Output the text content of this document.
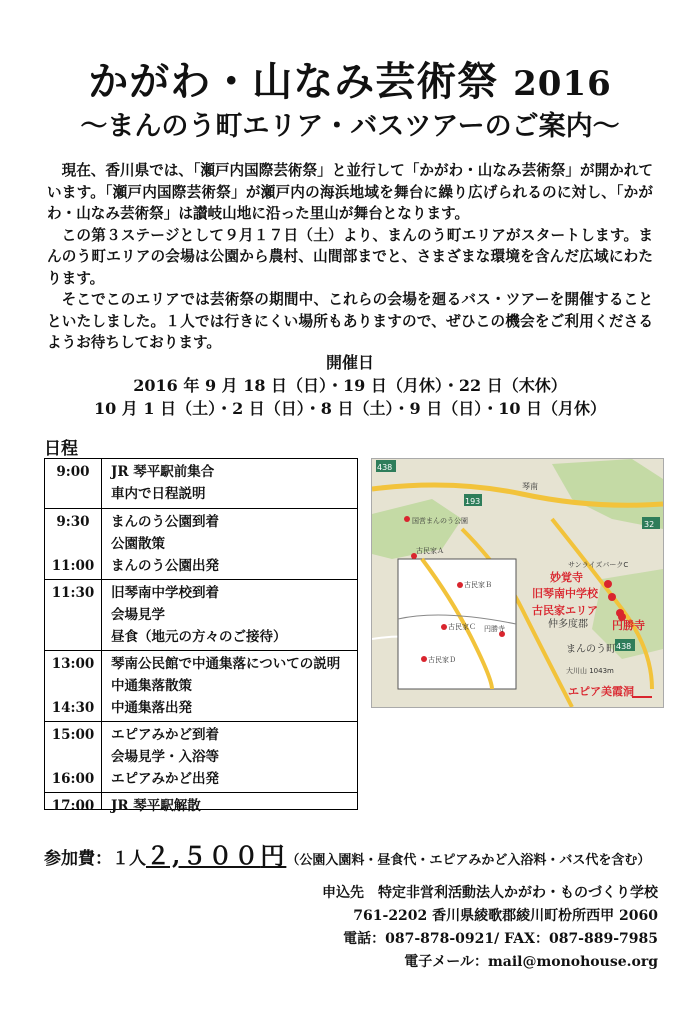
かがわ・山なみ芸術祭 2016
〜まんのう町エリア・バスツアーのご案内〜

現在、香川県では、「瀬戸内国際芸術祭」と並行して「かがわ・山なみ芸術祭」が開かれています。「瀬戸内国際芸術祭」が瀬戸内の海浜地域を舞台に繰り広げられるのに対し、「かがわ・山なみ芸術祭」は讃岐山地に沿った里山が舞台となります。

この第３ステージとして９月１７日（土）より、まんのう町エリアがスタートします。まんのう町エリアの会場は公園から農村、山間部までと、さまざまな環境を含んだ広域にわたります。

そこでこのエリアでは芸術祭の期間中、これらの会場を廻るバス・ツアーを開催することといたしました。１人では行きにくい場所もありますので、ぜひこの機会をご利用くださるようお待ちしております。

開催日
2016 年 9 月 18 日（日）・19 日（月休）・22 日（木休）
10 月 1 日（土）・2 日（日）・8 日（土）・9 日（日）・10 日（月休）
日程
9:00	JR 琴平駅前集合
車内で日程説明
9:30	まんのう公園到着
公園散策
11:00	まんのう公園出発
11:30	旧琴南中学校到着
会場見学
昼食（地元の方々のご接待）
13:00	琴南公民館で中通集落についての説明
中通集落散策
14:30	中通集落出発
15:00	エピアみかど到着
会場見学・入浴等
16:00	エピアみかど出発
17:00	JR 琴平駅解散
438
438
32
193
国営まんのう公園
古民家Ａ
古民家Ｂ
古民家Ｃ
古民家Ｄ
円勝寺
琴南
サンライズパークC
大川山 1043m
妙覚寺
旧琴南中学校
古民家エリア
仲多度郡 円勝寺
まんのう町
エピア美霞洞
参加費：１人２,５００円（公園入園料・昼食代・エピアみかど入浴料・バス代を含む）
申込先 特定非営利活動法人かがわ・ものづくり学校
761-2202 香川県綾歌郡綾川町枌所西甲 2060
電話：087-878-0921/ FAX：087-889-7985
電子メール：mail@monohouse.org
